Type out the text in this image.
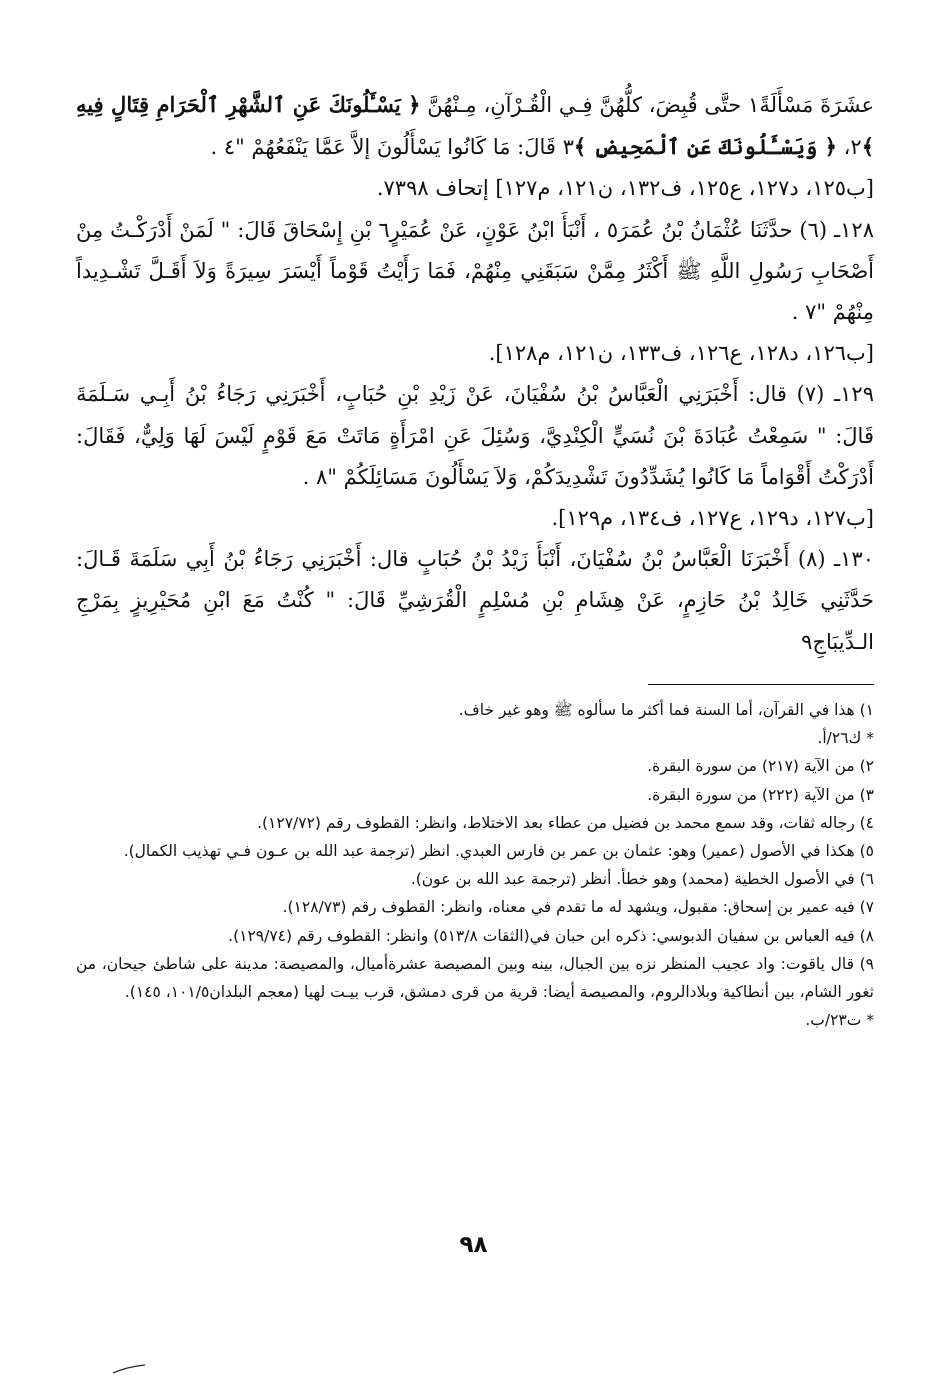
عشَرَةَ مَسْأَلَةً١ حتَّى قُبِضَ، كلُّهُنَّ فِـي الْقُـرْآنِ، مِـنْهُنَّ ﴿ يَسْـَٔلُونَكَ عَنِ ٱلشَّهْرِ ٱلْحَرَامِ قِتَالٍ فِيهِ ﴾٢، ﴿ وَيَسْـَٔلُونَكَ عَنِ ٱلْمَحِيضِ ﴾٣ قَالَ: مَا كَانُوا يَسْأَلُونَ إلاَّ عَمَّا يَنْفَعُهُمْ "٤ .

[ب١٢٥، د١٢٧، ع١٢٥، ف١٣٢، ن١٢١، م١٢٧] إتحاف ٧٣٩٨.

١٢٨ـ (٦) حدَّثَنَا عُثْمَانُ بْنُ عُمَرَ٥ ، أَنْبَأَ ابْنُ عَوْنٍ، عَنْ عُمَيْرٍ٦ بْنِ إِسْحَاقَ قَالَ: " لَمَنْ أَدْرَكْـتُ مِنْ أَصْحَابِ رَسُولِ اللَّهِ ﷺ أَكْثَرُ مِمَّنْ سَبَقَنِي مِنْهُمْ، فَمَا رَأَيْتُ قَوْماً أَيْسَرَ سِيرَةً وَلاَ أَقَـلَّ تَشْـدِيداً مِنْهُمْ "٧ .

[ب١٢٦، د١٢٨، ع١٢٦، ف١٣٣، ن١٢١، م١٢٨].

١٢٩ـ (٧) قال: أَخْبَرَنِي الْعَبَّاسُ بْنُ سُفْيَانَ، عَنْ زَيْدِ بْنِ حُبَابٍ، أَخْبَرَنِي رَجَاءُ بْنُ أَبِـي سَـلَمَةَ قَالَ: " سَمِعْتُ عُبَادَةَ بْنَ نُسَيٍّ الْكِنْدِيَّ، وَسُئِلَ عَنِ امْرَأَةٍ مَاتَتْ مَعَ قَوْمٍ لَيْسَ لَهَا وَلِيٌّ، فَقَالَ: أَدْرَكْتُ أَقْوَاماً مَا كَانُوا يُشَدِّدُونَ تَشْدِيدَكُمْ، وَلاَ يَسْأَلُونَ مَسَائِلَكُمْ "٨ .

[ب١٢٧، د١٢٩، ع١٢٧، ف١٣٤، م١٢٩].

١٣٠ـ (٨) أَخْبَرَنَا الْعَبَّاسُ بْنُ سُفْيَانَ، أَنْبَأَ زَيْدُ بْنُ حُبَابٍ قال: أَخْبَرَنِي رَجَاءُ بْنُ أَبِي سَلَمَةَ قَـالَ: حَدَّثَنِي خَالِدُ بْنُ حَازِمٍ، عَنْ هِشَامِ بْنِ مُسْلِمٍ الْقُرَشِيِّ قَالَ: " كُنْتُ مَعَ ابْنِ مُحَيْرِيزٍ بِمَرْجِ الـدِّيبَاجِ٩

١) هذا في القرآن، أما السنة فما أكثر ما سألوه ﷺ وهو غير خاف.

* ك٢٦/أ.

٢) من الآية (٢١٧) من سورة البقرة.

٣) من الآية (٢٢٢) من سورة البقرة.

٤) رجاله ثقات، وقد سمع محمد بن فضيل من عطاء بعد الاختلاط، وانظر: القطوف رقم (١٢٧/٧٢).

٥) هكذا في الأصول (عمير) وهو: عثمان بن عمر بن فارس العبدي. انظر (ترجمة عبد الله بن عـون فـي تهذيب الكمال).

٦) في الأصول الخطية (محمد) وهو خطأ. أنظر (ترجمة عبد الله بن عون).

٧) فيه عمير بن إسحاق: مقبول، ويشهد له ما تقدم في معناه، وانظر: القطوف رقم (١٢٨/٧٣).

٨) فيه العباس بن سفيان الدبوسي: ذكره ابن حبان في(الثقات ٥١٣/٨) وانظر: القطوف رقم (١٢٩/٧٤).

٩) قال ياقوت: واد عجيب المنظر نزه بين الجبال، بينه وبين المصيصة عشرةأميال، والمصيصة: مدينة على شاطئ جيحان، من ثغور الشام، بين أنطاكية وبلادالروم، والمصيصة أيضا: قرية من قرى دمشق، قرب بيـت لهيا (معجم البلدان١٠١/٥، ١٤٥).

* ت٢٣/ب.

٩٨
